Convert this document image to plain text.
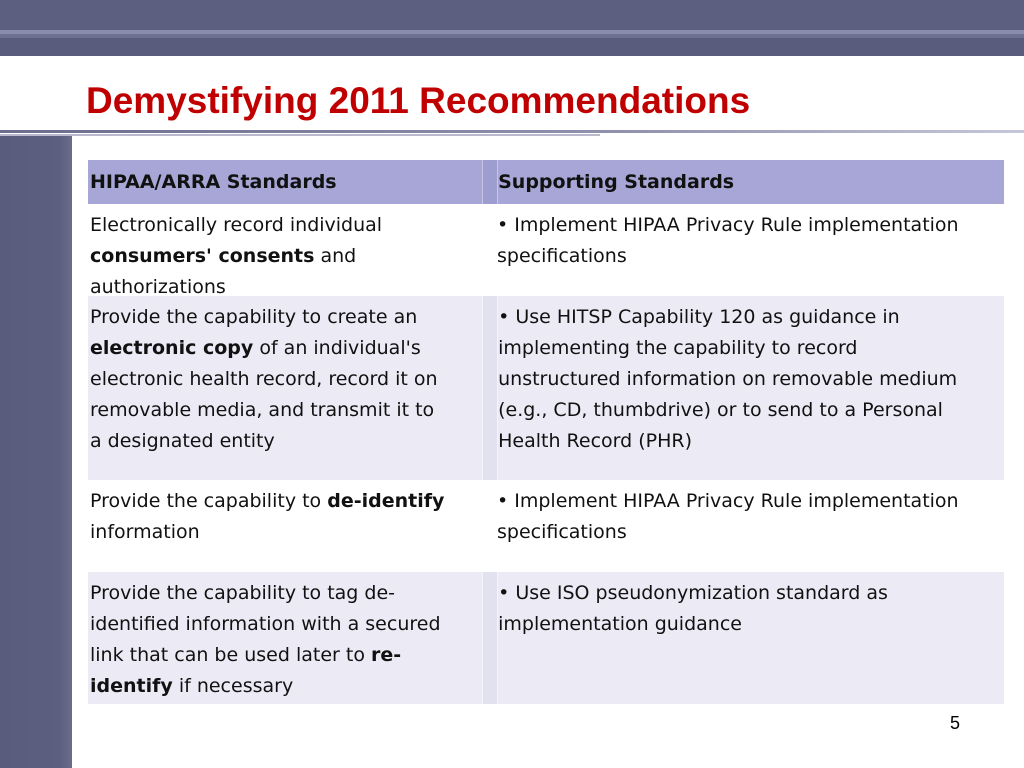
Demystifying 2011 Recommendations
HIPAA/ARRA Standards	Supporting Standards
Electronically record individual
consumers' consents and
authorizations
• Implement HIPAA Privacy Rule implementation
specifications
Provide the capability to create an
electronic copy of an individual's
electronic health record, record it on
removable media, and transmit it to
a designated entity
• Use HITSP Capability 120 as guidance in
implementing the capability to record
unstructured information on removable medium
(e.g., CD, thumbdrive) or to send to a Personal
Health Record (PHR)
Provide the capability to de-identify
information
• Implement HIPAA Privacy Rule implementation
specifications
Provide the capability to tag de-
identified information with a secured
link that can be used later to re-
identify if necessary
• Use ISO pseudonymization standard as
implementation guidance
5
